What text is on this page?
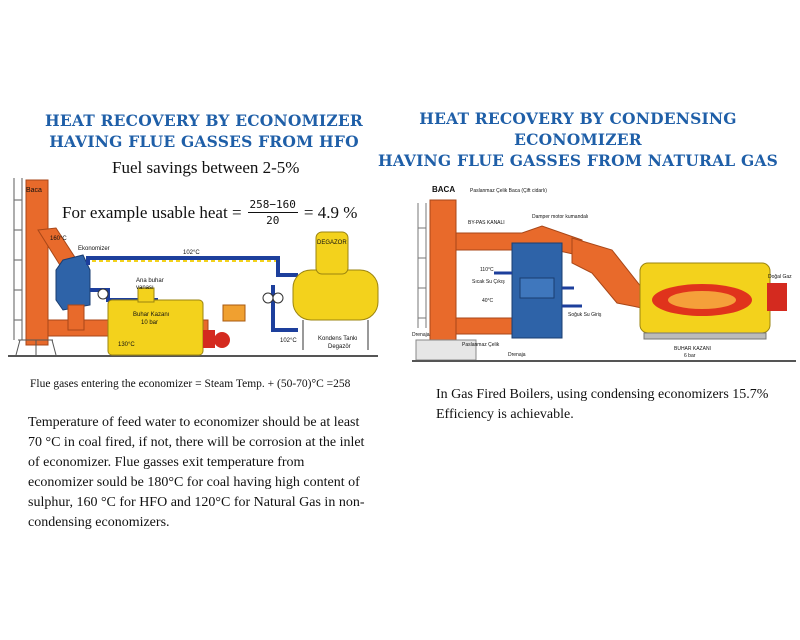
HEAT RECOVERY BY ECONOMIZER
HAVING FLUE GASSES FROM HFO
HEAT RECOVERY BY CONDENSING ECONOMIZER
HAVING FLUE GASSES FROM NATURAL GAS
Fuel savings between 2-5%
For example usable heat = $\frac{258-160}{20} = 4.9$ %
Baca
160°C
Ekonomizer
102°C
DEGAZOR
Ana buhar
vanası
Buhar Kazanı
10 bar
130°C
102°C	Kondens Tankı
Degazör
Flue gases entering the economizer = Steam Temp. + (50-70)°C =258
Temperature of feed water to economizer should be at least 70 °C in coal fired, if not, there will be corrosion at the inlet of economizer. Flue gasses exit temperature from economizer sould be 180°C for coal having high content of sulphur, 160 °C for HFO and 120°C for Natural Gas in non-condensing economizers.
BACA	Paslanmaz Çelik Baca (Çift cidarlı)
BY-PAS KANALI
Damper motor kumandalı
110°C
Sıcak Su Çıkış
40°C
Soğuk Su Giriş
Paslanmaz Çelik
Drenaja
Drenaja
BUHAR KAZANI
6 bar
Doğal Gaz
In Gas Fired Boilers, using condensing economizers 15.7% Efficiency is achievable.
